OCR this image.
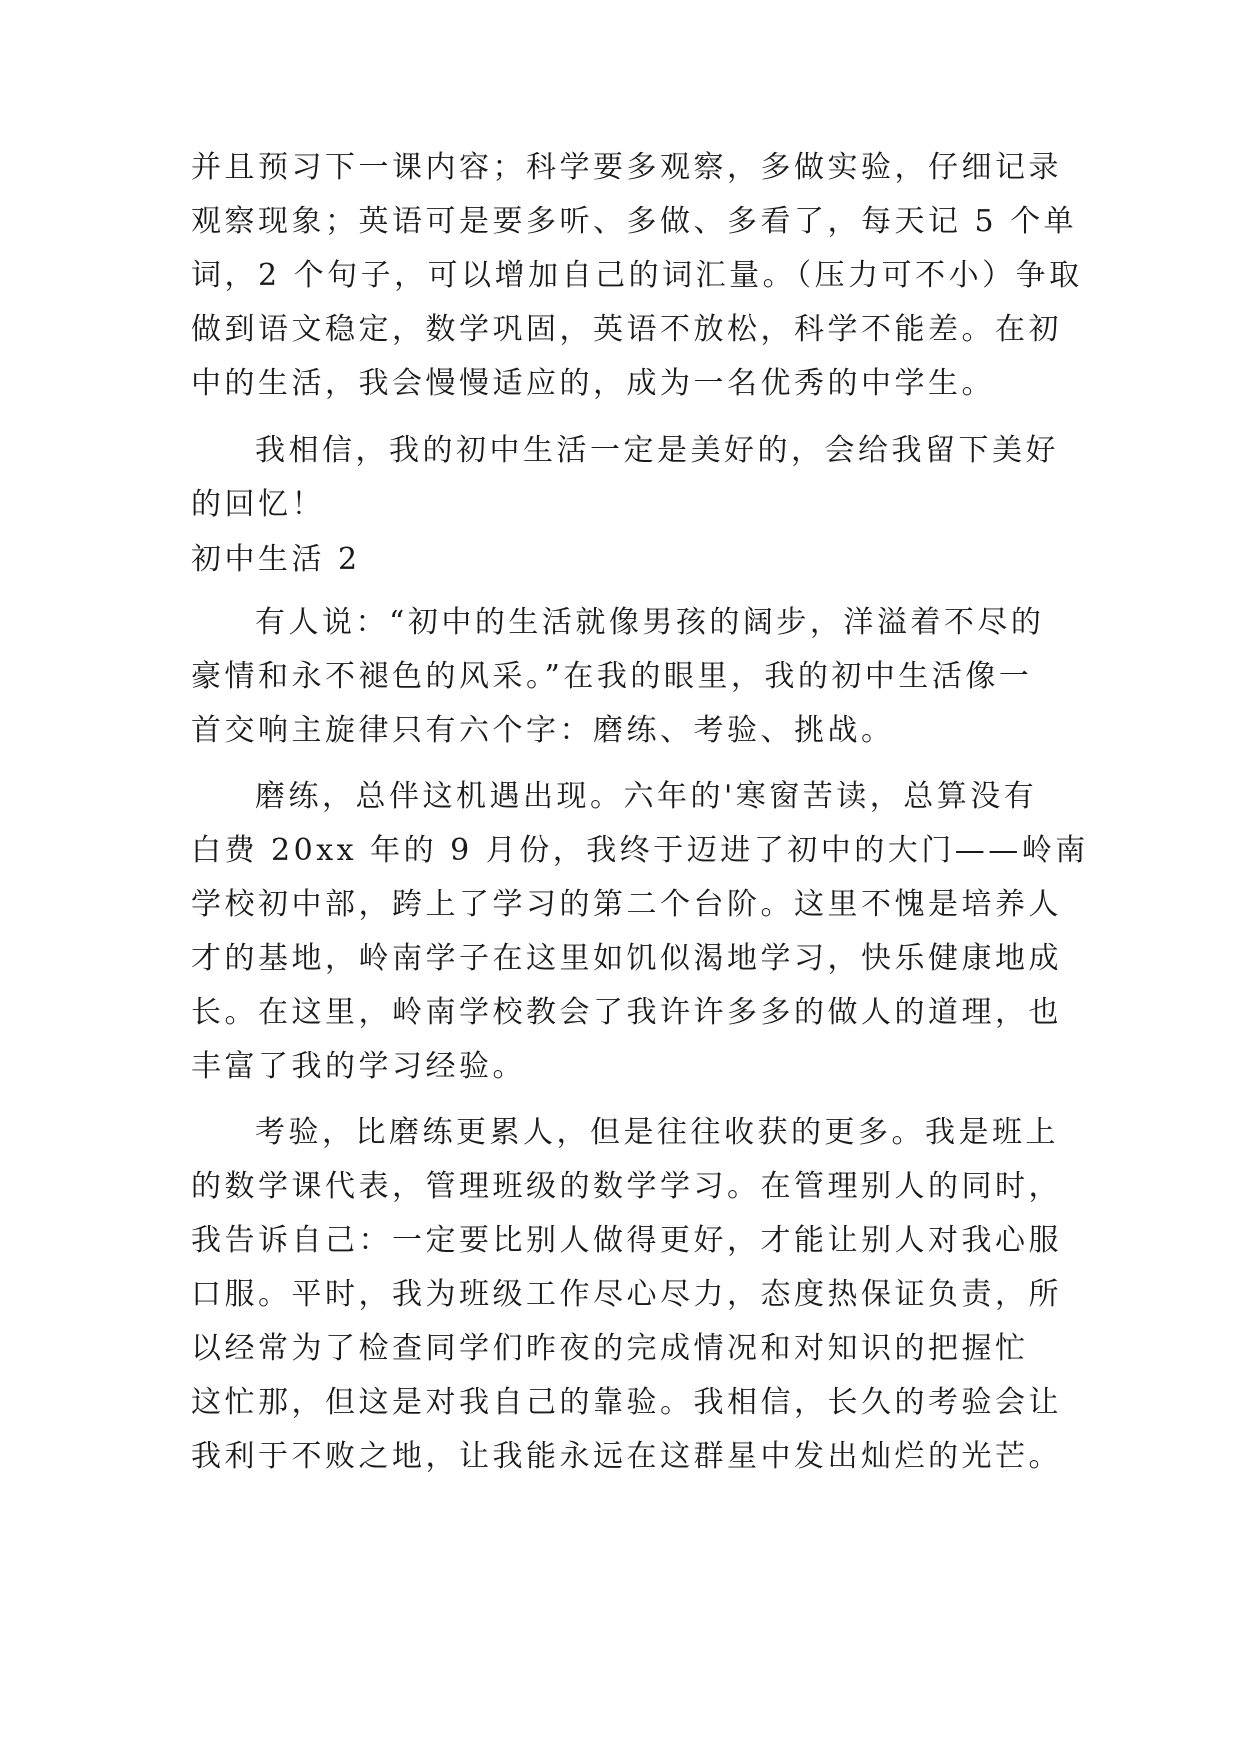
并且预习下一课内容；科学要多观察，多做实验，仔细记录
观察现象；英语可是要多听、多做、多看了，每天记 5 个单
词，2 个句子，可以增加自己的词汇量。（压力可不小）争取
做到语文稳定，数学巩固，英语不放松，科学不能差。在初
中的生活，我会慢慢适应的，成为一名优秀的中学生。
我相信，我的初中生活一定是美好的，会给我留下美好
的回忆！
初中生活 2
有人说：“初中的生活就像男孩的阔步，洋溢着不尽的
豪情和永不褪色的风采。”在我的眼里，我的初中生活像一
首交响主旋律只有六个字：磨练、考验、挑战。
磨练，总伴这机遇出现。六年的'寒窗苦读，总算没有
白费 20xx 年的 9 月份，我终于迈进了初中的大门——岭南
学校初中部，跨上了学习的第二个台阶。这里不愧是培养人
才的基地，岭南学子在这里如饥似渴地学习，快乐健康地成
长。在这里，岭南学校教会了我许许多多的做人的道理，也
丰富了我的学习经验。
考验，比磨练更累人，但是往往收获的更多。我是班上
的数学课代表，管理班级的数学学习。在管理别人的同时，
我告诉自己：一定要比别人做得更好，才能让别人对我心服
口服。平时，我为班级工作尽心尽力，态度热保证负责，所
以经常为了检查同学们昨夜的完成情况和对知识的把握忙
这忙那，但这是对我自己的靠验。我相信，长久的考验会让
我利于不败之地，让我能永远在这群星中发出灿烂的光芒。
